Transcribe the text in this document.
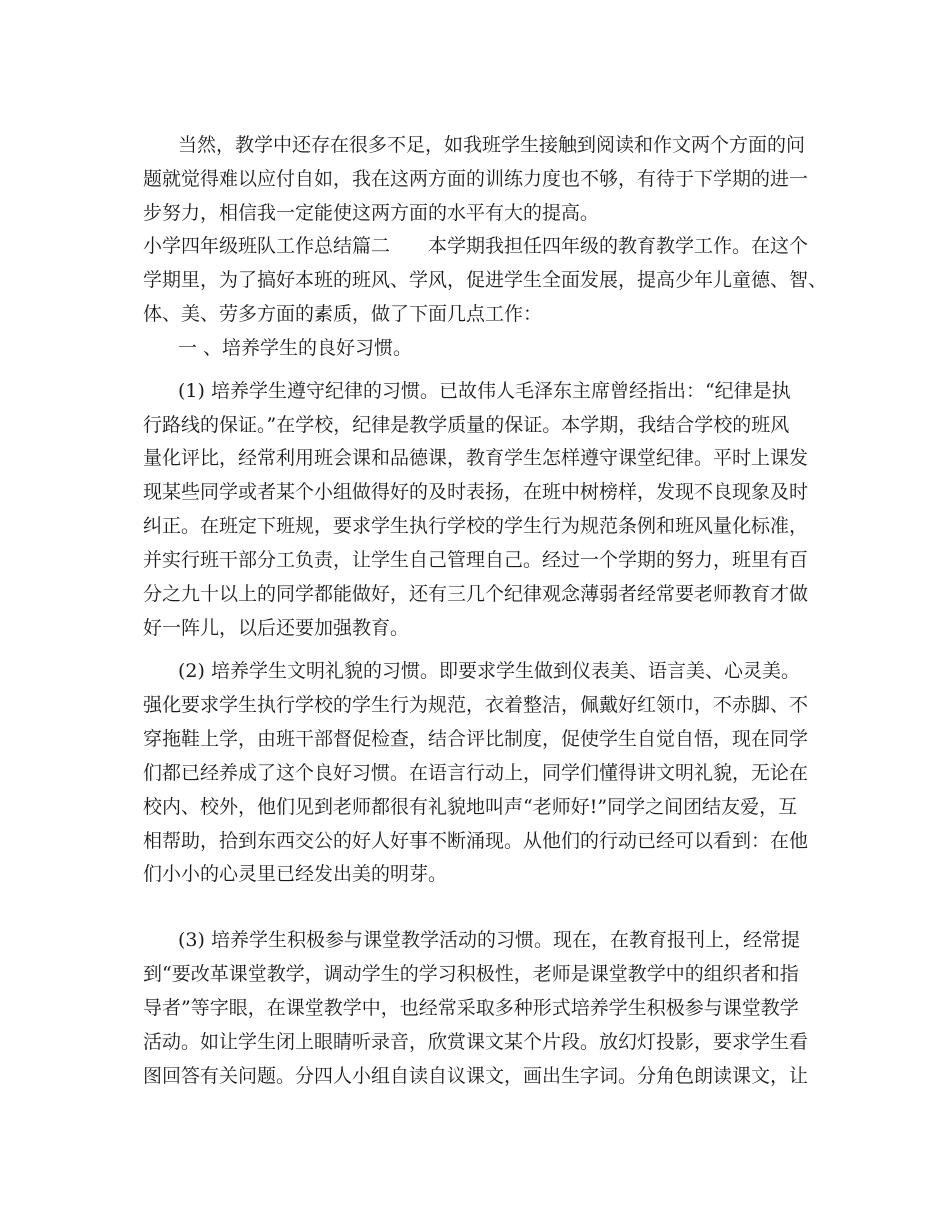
当然，教学中还存在很多不足，如我班学生接触到阅读和作文两个方面的问
题就觉得难以应付自如，我在这两方面的训练力度也不够，有待于下学期的进一
步努力，相信我一定能使这两方面的水平有大的提高。
小学四年级班队工作总结篇二　　本学期我担任四年级的教育教学工作。在这个
学期里，为了搞好本班的班风、学风，促进学生全面发展，提高少年儿童德、智、
体、美、劳多方面的素质，做了下面几点工作：
一 、培养学生的良好习惯。
(1) 培养学生遵守纪律的习惯。已故伟人毛泽东主席曾经指出：“纪律是执
行路线的保证。”在学校，纪律是教学质量的保证。本学期，我结合学校的班风
量化评比，经常利用班会课和品德课，教育学生怎样遵守课堂纪律。平时上课发
现某些同学或者某个小组做得好的及时表扬，在班中树榜样，发现不良现象及时
纠正。在班定下班规，要求学生执行学校的学生行为规范条例和班风量化标准，
并实行班干部分工负责，让学生自己管理自己。经过一个学期的努力，班里有百
分之九十以上的同学都能做好，还有三几个纪律观念薄弱者经常要老师教育才做
好一阵儿，以后还要加强教育。
(2) 培养学生文明礼貌的习惯。即要求学生做到仪表美、语言美、心灵美。
强化要求学生执行学校的学生行为规范，衣着整洁，佩戴好红领巾，不赤脚、不
穿拖鞋上学，由班干部督促检查，结合评比制度，促使学生自觉自悟，现在同学
们都已经养成了这个良好习惯。在语言行动上，同学们懂得讲文明礼貌，无论在
校内、校外，他们见到老师都很有礼貌地叫声“老师好!”同学之间团结友爱，互
相帮助，拾到东西交公的好人好事不断涌现。从他们的行动已经可以看到：在他
们小小的心灵里已经发出美的明芽。
(3) 培养学生积极参与课堂教学活动的习惯。现在，在教育报刊上，经常提
到“要改革课堂教学，调动学生的学习积极性，老师是课堂教学中的组织者和指
导者”等字眼，在课堂教学中，也经常采取多种形式培养学生积极参与课堂教学
活动。如让学生闭上眼睛听录音，欣赏课文某个片段。放幻灯投影，要求学生看
图回答有关问题。分四人小组自读自议课文，画出生字词。分角色朗读课文，让
